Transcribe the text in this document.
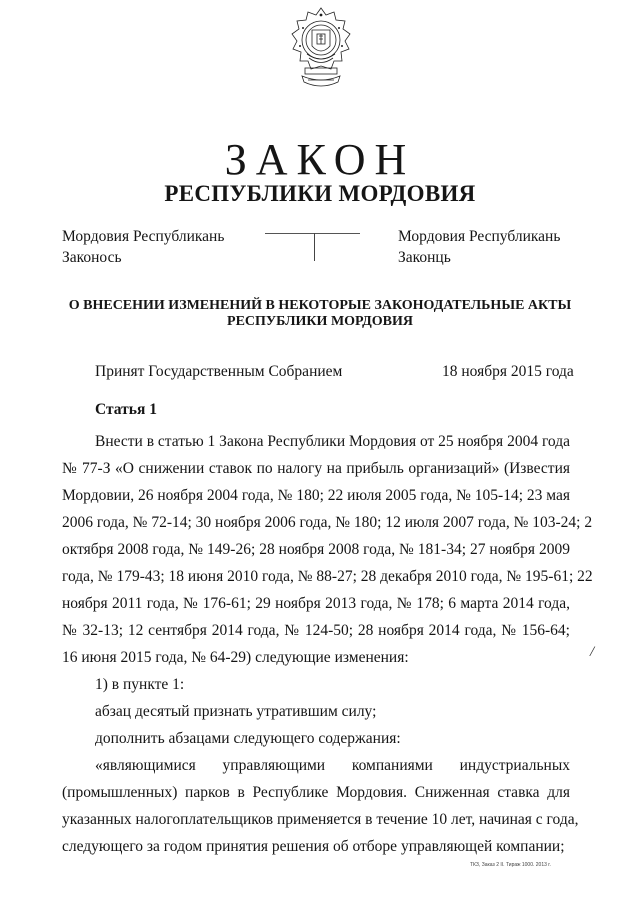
ЗАКОН
РЕСПУБЛИКИ МОРДОВИЯ
Мордовия Республикань
Законось
Мордовия Республикань
Законць
О ВНЕСЕНИИ ИЗМЕНЕНИЙ В НЕКОТОРЫЕ ЗАКОНОДАТЕЛЬНЫЕ АКТЫ
РЕСПУБЛИКИ МОРДОВИЯ
Принят Государственным Собранием	18 ноября 2015 года
Статья 1
Внести в статью 1 Закона Республики Мордовия от 25 ноября 2004 года
№ 77-З «О снижении ставок по налогу на прибыль организаций» (Известия
Мордовии, 26 ноября 2004 года, № 180; 22 июля 2005 года, № 105-14; 23 мая
2006 года, № 72-14; 30 ноября 2006 года, № 180; 12 июля 2007 года, № 103-24; 2
октября 2008 года, № 149-26; 28 ноября 2008 года, № 181-34; 27 ноября 2009
года, № 179-43; 18 июня 2010 года, № 88-27; 28 декабря 2010 года, № 195-61; 22
ноября 2011 года, № 176-61; 29 ноября 2013 года, № 178; 6 марта 2014 года,
№ 32-13; 12 сентября 2014 года, № 124-50; 28 ноября 2014 года, № 156-64;
16 июня 2015 года, № 64-29) следующие изменения:	/
1) в пункте 1:
абзац десятый признать утратившим силу;
дополнить абзацами следующего содержания:
«являющимися управляющими компаниями индустриальных
(промышленных) парков в Республике Мордовия. Сниженная ставка для
указанных налогоплательщиков применяется в течение 10 лет, начиная с года,
следующего за годом принятия решения об отборе управляющей компании;
ТКЗ, Заказ 2 II. Тираж 1000. 2013 г.
